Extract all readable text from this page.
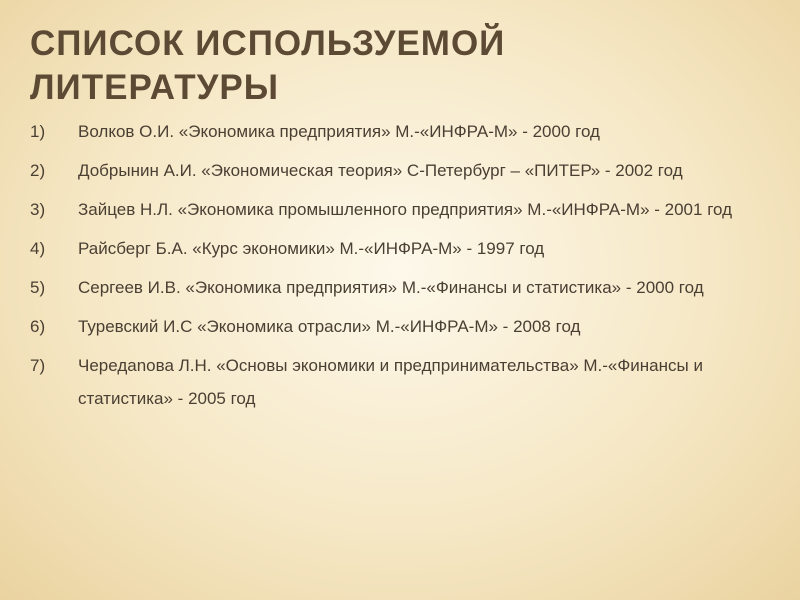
СПИСОК ИСПОЛЬЗУЕМОЙ
ЛИТЕРАТУРЫ
1)	Волков О.И. «Экономика предприятия» М.-«ИНФРА-М» - 2000 год
2)	Добрынин А.И. «Экономическая теория» С-Петербург – «ПИТЕР» - 2002 год
3)	Зайцев Н.Л. «Экономика промышленного предприятия» М.-«ИНФРА-М» - 2001 год
4)	Райсберг Б.А. «Курс экономики» М.-«ИНФРА-М» - 1997 год
5)	Сергеев И.В. «Экономика предприятия» М.-«Финансы и статистика» - 2000 год
6)	Туревский И.С «Экономика отрасли» М.-«ИНФРА-М» - 2008 год
7)	Чередanова Л.Н. «Основы экономики и предпринимательства» М.-«Финансы и статистика» - 2005 год
